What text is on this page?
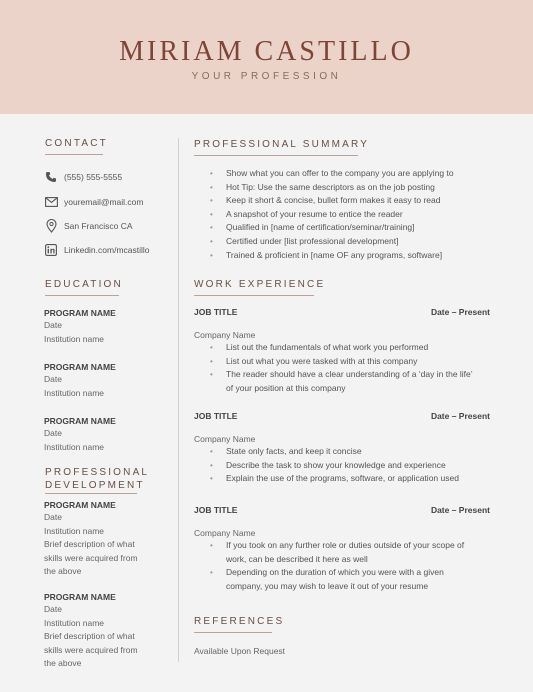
MIRIAM CASTILLO
YOUR PROFESSION
CONTACT
(555) 555-5555
youremail@mail.com
San Francisco CA
Linkedin.com/mcastillo
EDUCATION
PROGRAM NAME
Date
Institution name
PROGRAM NAME
Date
Institution name
PROGRAM NAME
Date
Institution name
PROFESSIONAL
DEVELOPMENT
PROGRAM NAME
Date
Institution name
Brief description of what
skills were acquired from
the above
PROGRAM NAME
Date
Institution name
Brief description of what
skills were acquired from
the above
PROFESSIONAL SUMMARY
• Show what you can offer to the company you are applying to
• Hot Tip: Use the same descriptors as on the job posting
• Keep it short & concise, bullet form makes it easy to read
• A snapshot of your resume to entice the reader
• Qualified in [name of certification/seminar/training]
• Certified under [list professional development]
• Trained & proficient in [name OF any programs, software]
WORK EXPERIENCE
JOB TITLE	Date – Present
Company Name
• List out the fundamentals of what work you performed
• List out what you were tasked with at this company
• The reader should have a clear understanding of a ‘day in the life’
of your position at this company
JOB TITLE	Date – Present
Company Name
• State only facts, and keep it concise
• Describe the task to show your knowledge and experience
• Explain the use of the programs, software, or application used
JOB TITLE	Date – Present
Company Name
• If you took on any further role or duties outside of your scope of
work, can be described it here as well
• Depending on the duration of which you were with a given
company, you may wish to leave it out of your resume
REFERENCES
Available Upon Request
